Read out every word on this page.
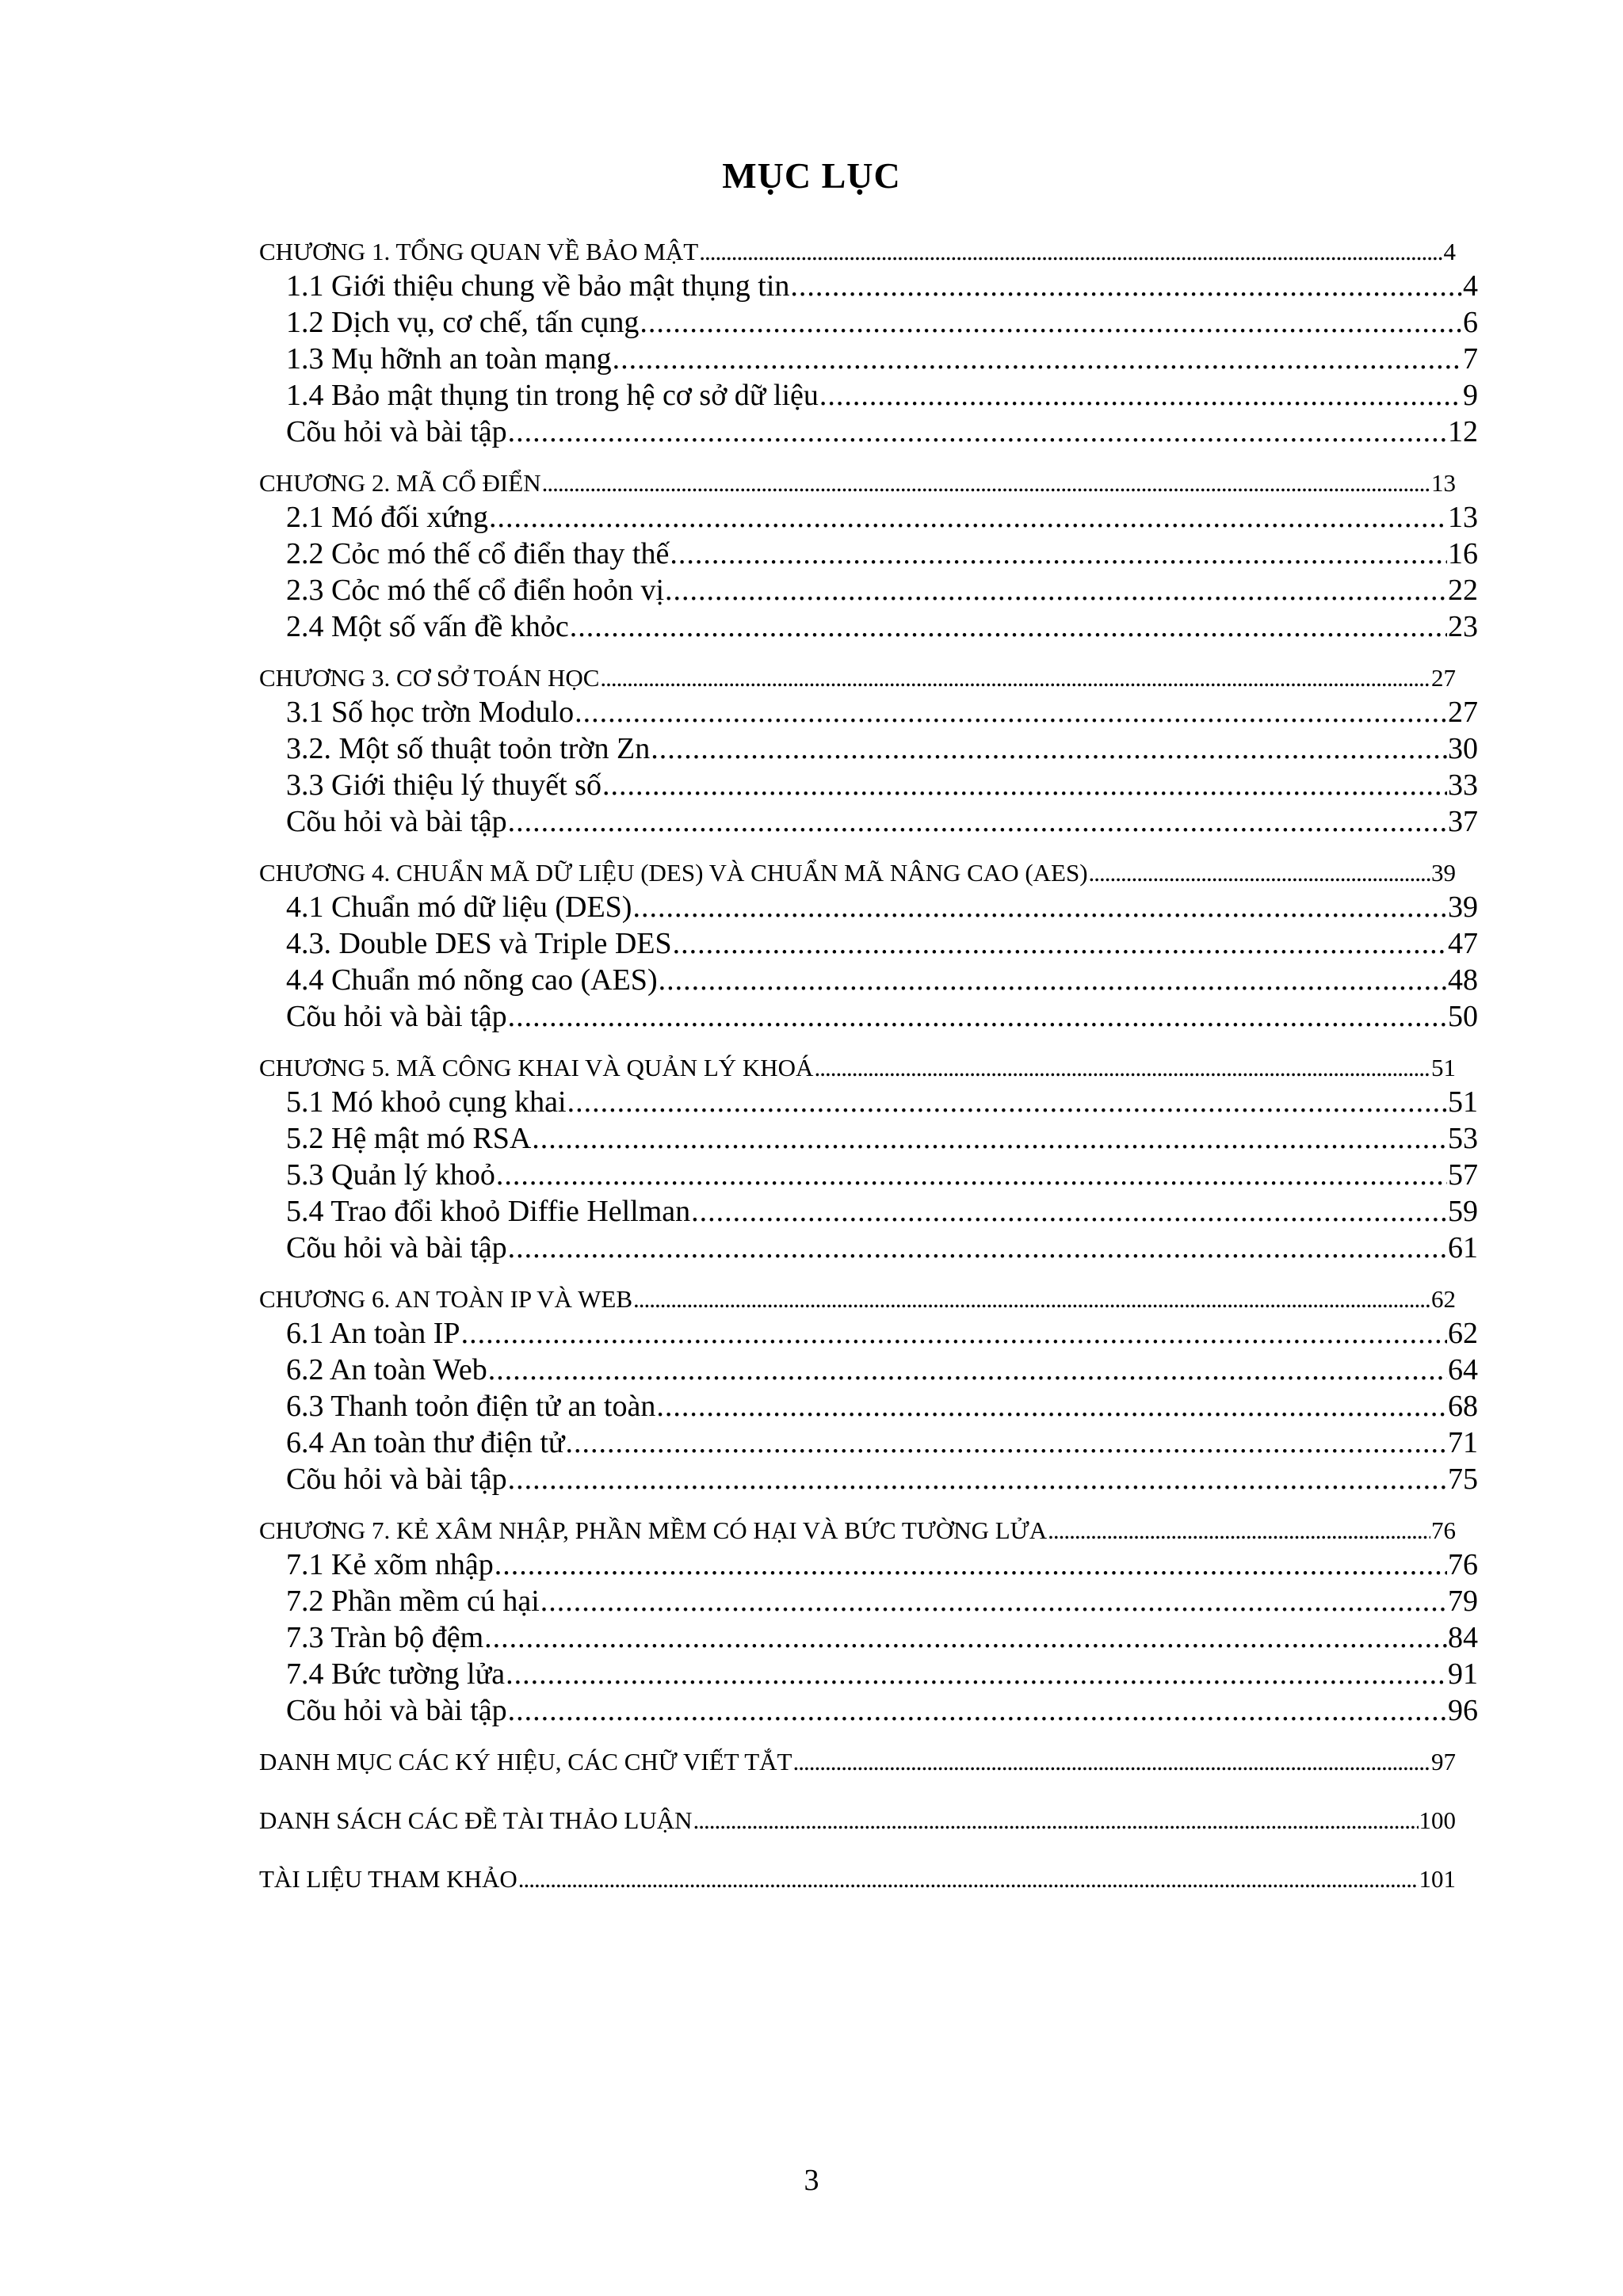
MỤC LỤC
CHƯƠNG 1. TỔNG QUAN VỀ BẢO MẬT .....	4
1.1 Giới thiệu chung về bảo mật thụng tin .....	4
1.2 Dịch vụ, cơ chế, tấn cụng .....	6
1.3 Mụ hỡnh an toàn mạng .....	7
1.4 Bảo mật thụng tin trong hệ cơ sở dữ liệu .....	9
Cõu hỏi và bài tập .....	12
CHƯƠNG 2. MÃ CỔ ĐIỂN .....	13
2.1 Mó đối xứng .....	13
2.2 Cỏc mó thế cổ điển thay thế .....	16
2.3 Cỏc mó thế cổ điển hoỏn vị .....	22
2.4 Một số vấn đề khỏc .....	23
CHƯƠNG 3. CƠ SỞ TOÁN HỌC .....	27
3.1 Số học trờn Modulo .....	27
3.2. Một số thuật toỏn trờn Zn .....	30
3.3 Giới thiệu lý thuyết số .....	33
Cõu hỏi và bài tập .....	37
CHƯƠNG 4. CHUẨN MÃ DỮ LIỆU (DES) VÀ CHUẨN MÃ NÂNG CAO (AES) .....	39
4.1 Chuẩn mó dữ liệu (DES) .....	39
4.3. Double DES và Triple DES .....	47
4.4 Chuẩn mó nõng cao (AES) .....	48
Cõu hỏi và bài tập .....	50
CHƯƠNG 5. MÃ CÔNG KHAI VÀ QUẢN LÝ KHOÁ .....	51
5.1 Mó khoỏ cụng khai .....	51
5.2 Hệ mật mó RSA .....	53
5.3 Quản lý khoỏ .....	57
5.4 Trao đổi khoỏ Diffie Hellman .....	59
Cõu hỏi và bài tập .....	61
CHƯƠNG 6. AN TOÀN IP VÀ WEB .....	62
6.1 An toàn IP .....	62
6.2 An toàn Web .....	64
6.3 Thanh toỏn điện tử an toàn .....	68
6.4 An toàn thư điện tử .....	71
Cõu hỏi và bài tập .....	75
CHƯƠNG 7. KẺ XÂM NHẬP, PHẦN MỀM CÓ HẠI VÀ BỨC TƯỜNG LỬA .....	76
7.1 Kẻ xõm nhập .....	76
7.2 Phần mềm cú hại .....	79
7.3 Tràn bộ đệm .....	84
7.4 Bức tường lửa .....	91
Cõu hỏi và bài tập .....	96
DANH MỤC CÁC KÝ HIỆU, CÁC CHỮ VIẾT TẮT .....	97
DANH SÁCH CÁC ĐỀ TÀI THẢO LUẬN .....	100
TÀI LIỆU THAM KHẢO .....	101
3
